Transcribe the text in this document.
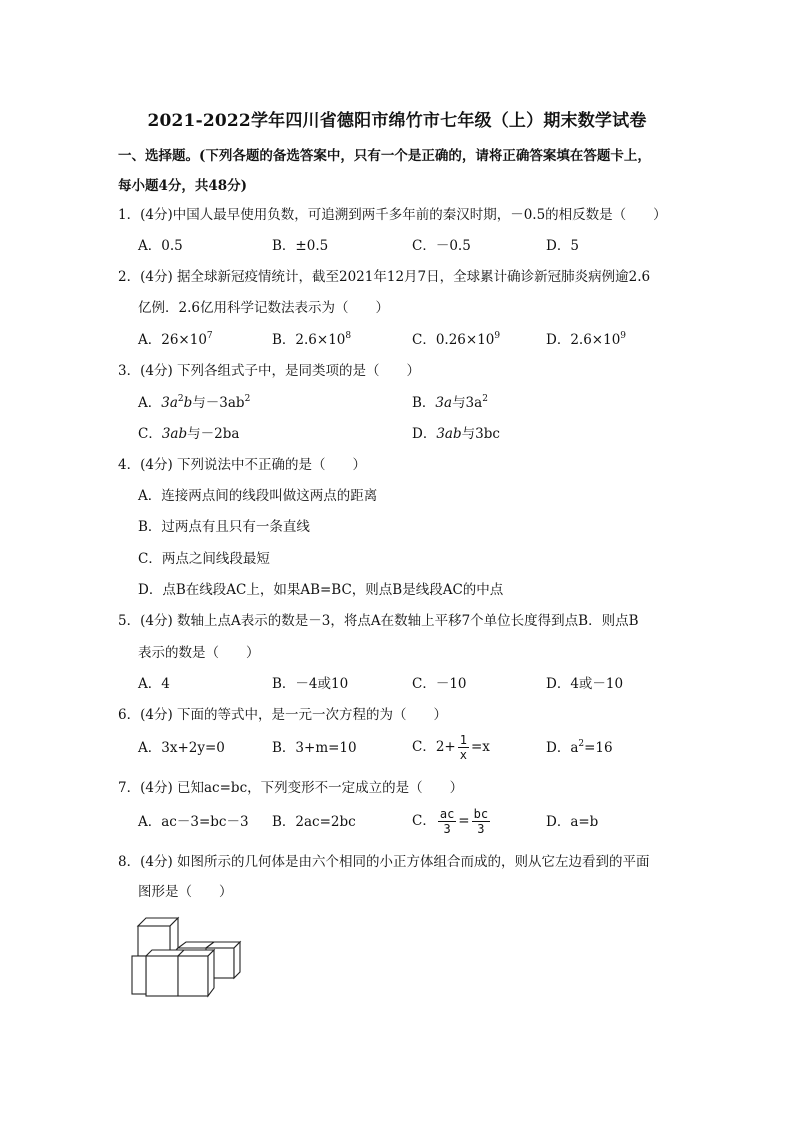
2021-2022学年四川省德阳市绵竹市七年级（上）期末数学试卷
一、选择题。(下列各题的备选答案中，只有一个是正确的，请将正确答案填在答题卡上，
每小题4分，共48分)
1．(4分)中国人最早使用负数，可追溯到两千多年前的秦汉时期，－0.5的相反数是（　　）
A．0.5	B．±0.5	C．－0.5	D．5
2．(4分) 据全球新冠疫情统计，截至2021年12月7日，全球累计确诊新冠肺炎病例逾2.6
亿例．2.6亿用科学记数法表示为（　　）
A．$26\times 10^7$	B．$2.6\times 10^8$	C．$0.26\times 10^9$	D．$2.6\times 10^9$
3．(4分) 下列各组式子中，是同类项的是（　　）
A．$3a^2b$与$-3ab^2$	B．3a与$3a^2$
C．3ab与－2ba	D．3ab与3bc
4．(4分) 下列说法中不正确的是（　　）
A．连接两点间的线段叫做这两点的距离
B．过两点有且只有一条直线
C．两点之间线段最短
D．点B在线段AC上，如果AB=BC，则点B是线段AC的中点
5．(4分) 数轴上点A表示的数是－3，将点A在数轴上平移7个单位长度得到点B．则点B
表示的数是（　　）
A．4	B．－4或10	C．－10	D．4或－10
6．(4分) 下面的等式中，是一元一次方程的为（　　）
A．3x+2y=0	B．3+m=10	C．$2+ \frac{1}{x} =x$	D．$a^2=16$
7．(4分) 已知ac=bc，下列变形不一定成立的是（　　）
A．ac－3=bc－3 B．2ac=2bc	C． $\frac{ac}{3} = \frac{bc}{3}$	D．a=b
8．(4分) 如图所示的几何体是由六个相同的小正方体组合而成的，则从它左边看到的平面
图形是（　　）
